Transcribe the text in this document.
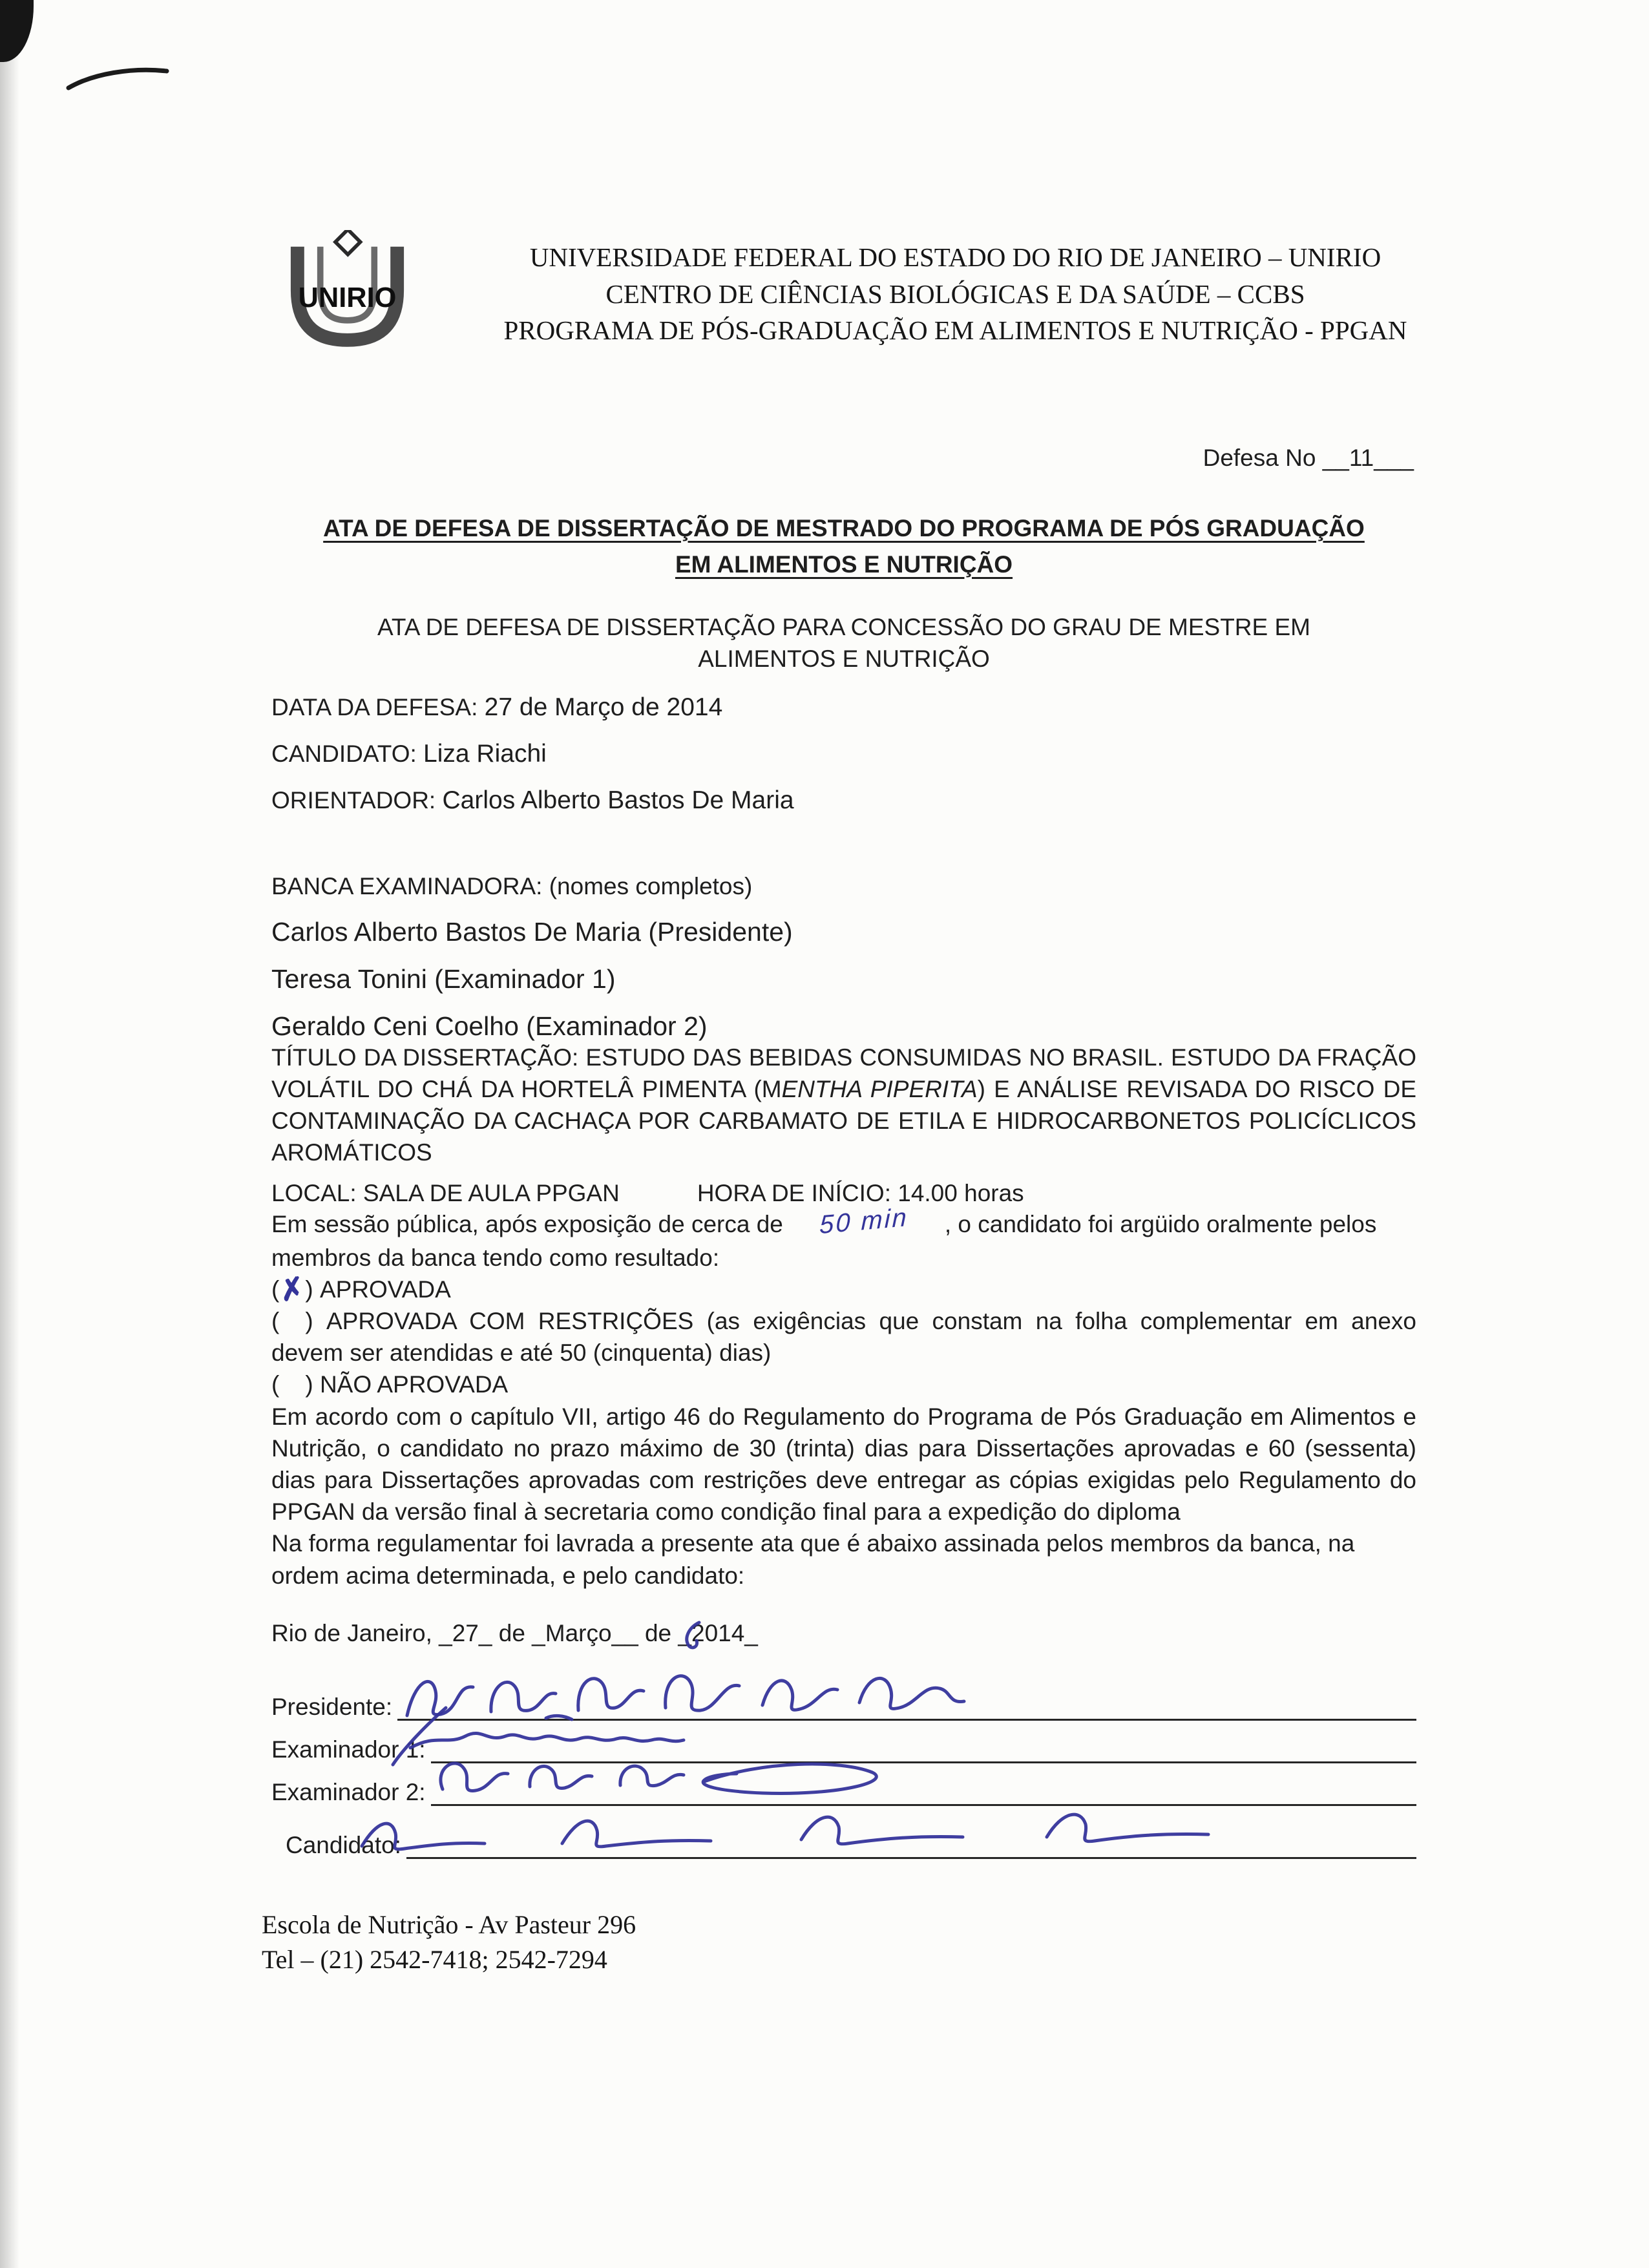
UNIRIO
UNIVERSIDADE FEDERAL DO ESTADO DO RIO DE JANEIRO – UNIRIO
CENTRO DE CIÊNCIAS BIOLÓGICAS E DA SAÚDE – CCBS
PROGRAMA DE PÓS-GRADUAÇÃO EM ALIMENTOS E NUTRIÇÃO - PPGAN
Defesa No __11___
ATA DE DEFESA DE DISSERTAÇÃO DE MESTRADO DO PROGRAMA DE PÓS GRADUAÇÃO
EM ALIMENTOS E NUTRIÇÃO
ATA DE DEFESA DE DISSERTAÇÃO PARA CONCESSÃO DO GRAU DE MESTRE EM ALIMENTOS E NUTRIÇÃO
DATA DA DEFESA: 27 de Março de 2014
CANDIDATO: Liza Riachi
ORIENTADOR: Carlos Alberto Bastos De Maria
BANCA EXAMINADORA: (nomes completos)
Carlos Alberto Bastos De Maria (Presidente)
Teresa Tonini (Examinador 1)
Geraldo Ceni Coelho (Examinador 2)

TÍTULO DA DISSERTAÇÃO: ESTUDO DAS BEBIDAS CONSUMIDAS NO BRASIL. ESTUDO DA FRAÇÃO VOLÁTIL DO CHÁ DA HORTELÂ PIMENTA (MENTHA PIPERITA) E ANÁLISE REVISADA DO RISCO DE CONTAMINAÇÃO DA CACHAÇA POR CARBAMATO DE ETILA E HIDROCARBONETOS POLICÍCLICOS AROMÁTICOS

LOCAL: SALA DE AULA PPGAN	HORA DE INÍCIO: 14.00 horas

Em sessão pública, após exposição de cerca de 50 min , o candidato foi argüido oralmente pelos membros da banca tendo como resultado:

(✗) APROVADA

( ) APROVADA COM RESTRIÇÕES (as exigências que constam na folha complementar em anexo devem ser atendidas e até 50 (cinquenta) dias)

( ) NÃO APROVADA

Em acordo com o capítulo VII, artigo 46 do Regulamento do Programa de Pós Graduação em Alimentos e Nutrição, o candidato no prazo máximo de 30 (trinta) dias para Dissertações aprovadas e 60 (sessenta) dias para Dissertações aprovadas com restrições deve entregar as cópias exigidas pelo Regulamento do PPGAN da versão final à secretaria como condição final para a expedição do diploma

Na forma regulamentar foi lavrada a presente ata que é abaixo assinada pelos membros da banca, na ordem acima determinada, e pelo candidato:

Rio de Janeiro, _27_ de _Março__ de _2014_
Presidente:
Examinador 1:
Examinador 2:
Candidato:
Escola de Nutrição - Av Pasteur 296
Tel – (21) 2542-7418; 2542-7294
